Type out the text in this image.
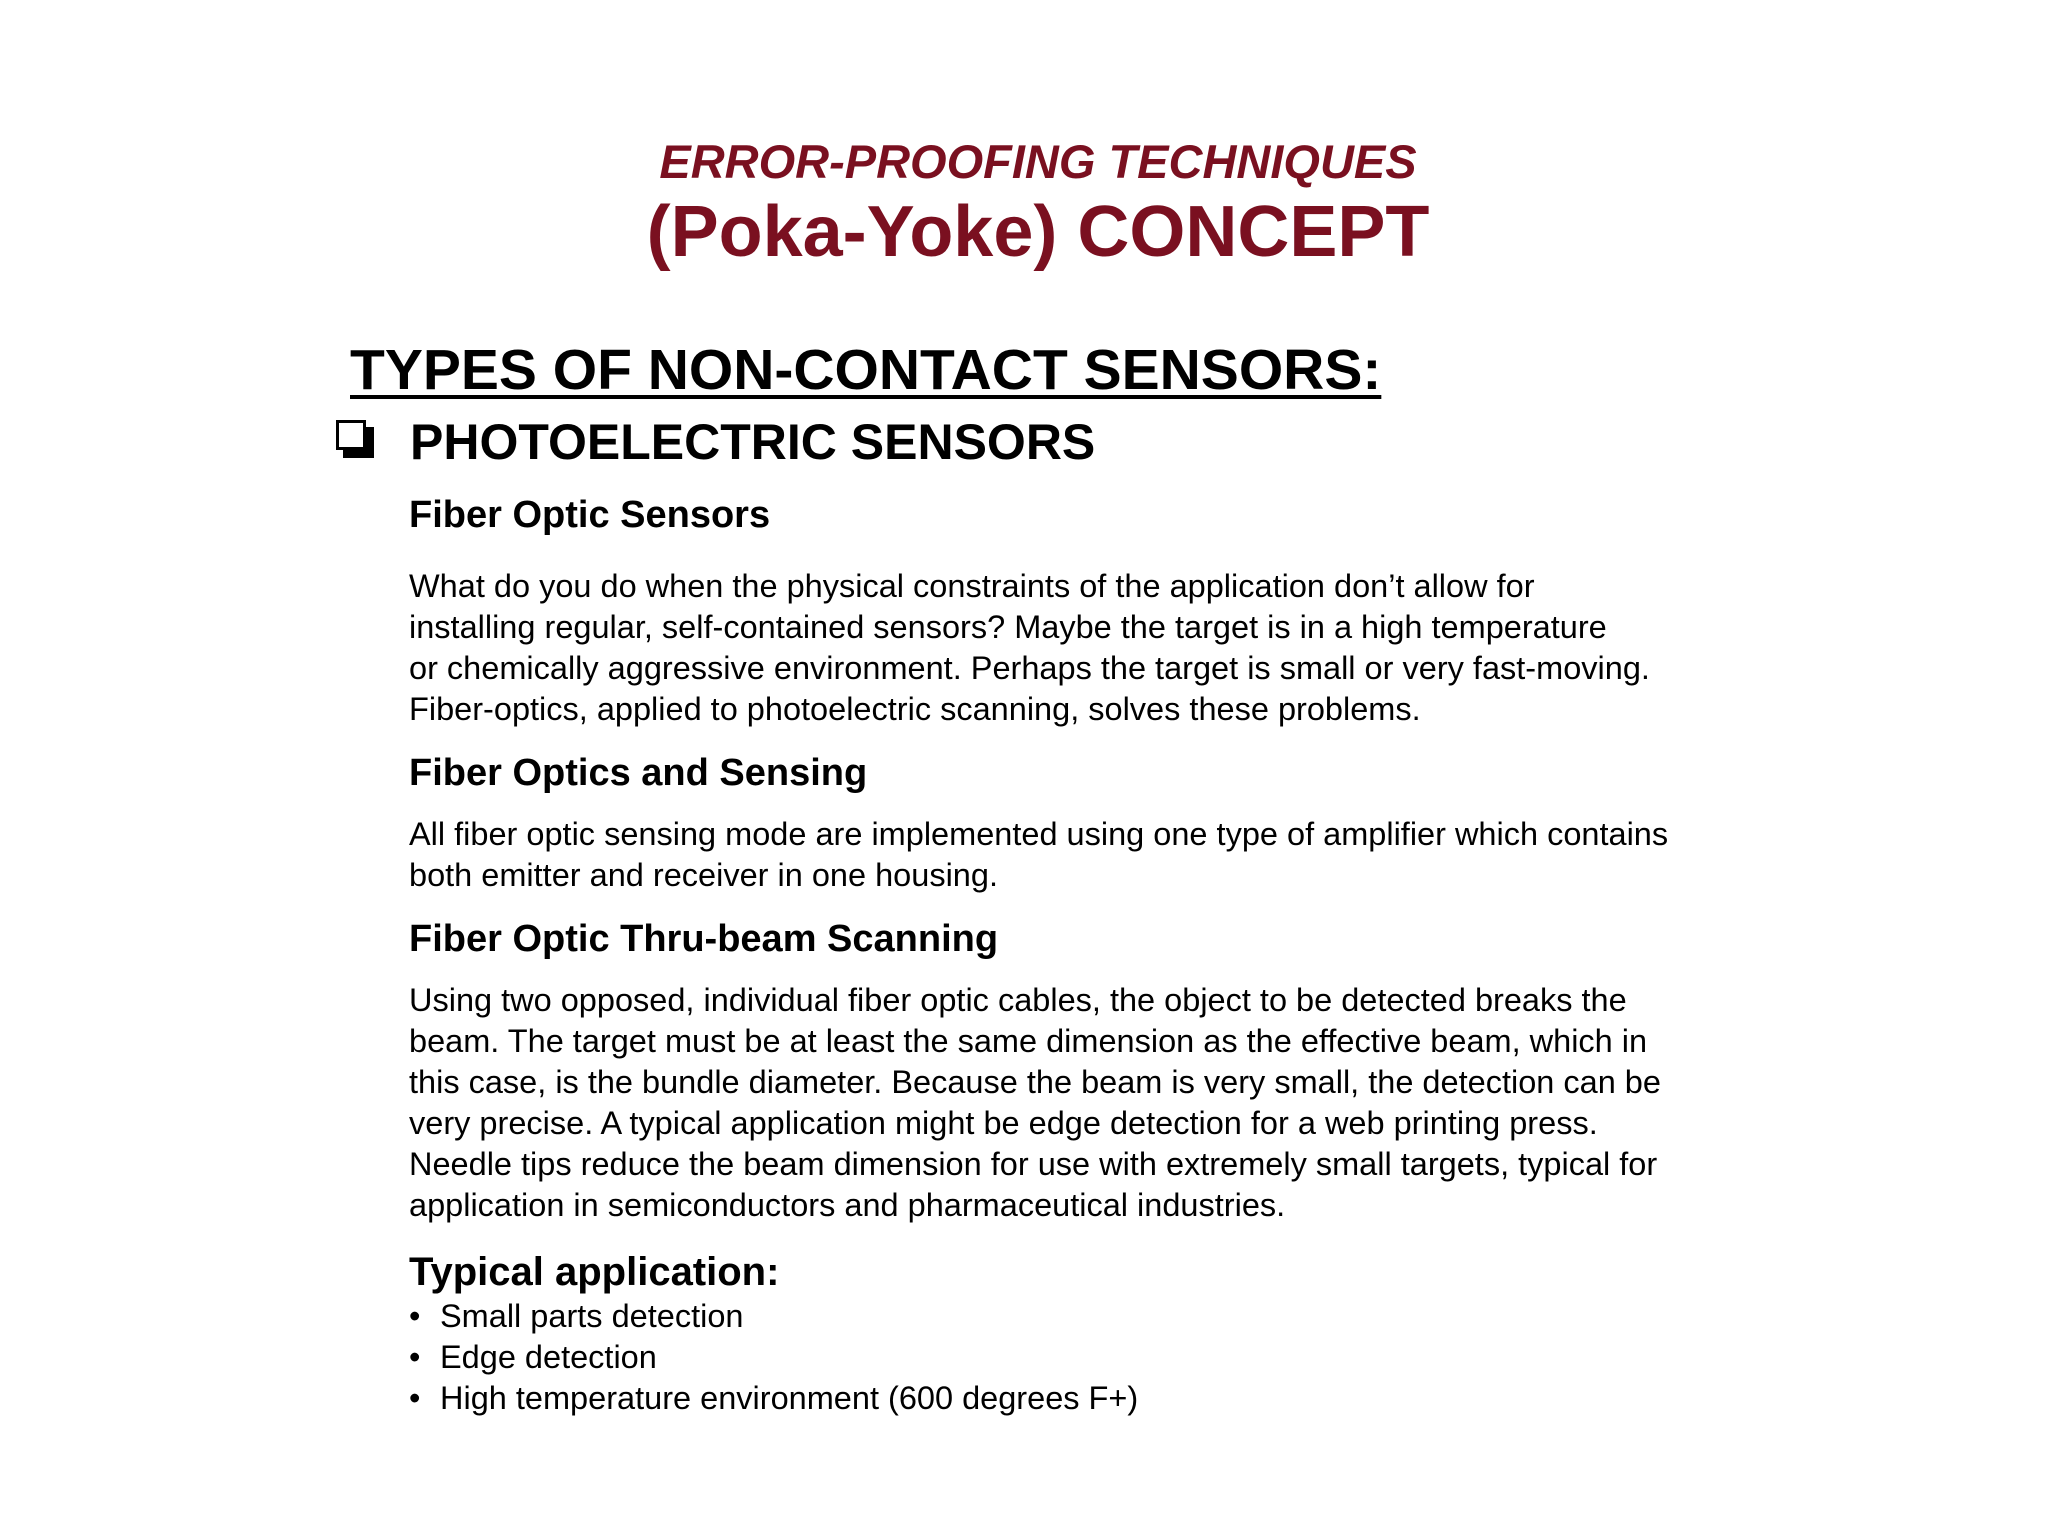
ERROR-PROOFING TECHNIQUES
(Poka-Yoke) CONCEPT
TYPES OF NON-CONTACT SENSORS:
PHOTOELECTRIC SENSORS
Fiber Optic Sensors
What do you do when the physical constraints of the application don’t allow for
installing regular, self-contained sensors? Maybe the target is in a high temperature
or chemically aggressive environment. Perhaps the target is small or very fast-moving.
Fiber-optics, applied to photoelectric scanning, solves these problems.
Fiber Optics and Sensing
All fiber optic sensing mode are implemented using one type of amplifier which contains
both emitter and receiver in one housing.
Fiber Optic Thru-beam Scanning
Using two opposed, individual fiber optic cables, the object to be detected breaks the
beam. The target must be at least the same dimension as the effective beam, which in
this case, is the bundle diameter. Because the beam is very small, the detection can be
very precise. A typical application might be edge detection for a web printing press.
Needle tips reduce the beam dimension for use with extremely small targets, typical for
application in semiconductors and pharmaceutical industries.
Typical application:
• Small parts detection
• Edge detection
• High temperature environment (600 degrees F+)
